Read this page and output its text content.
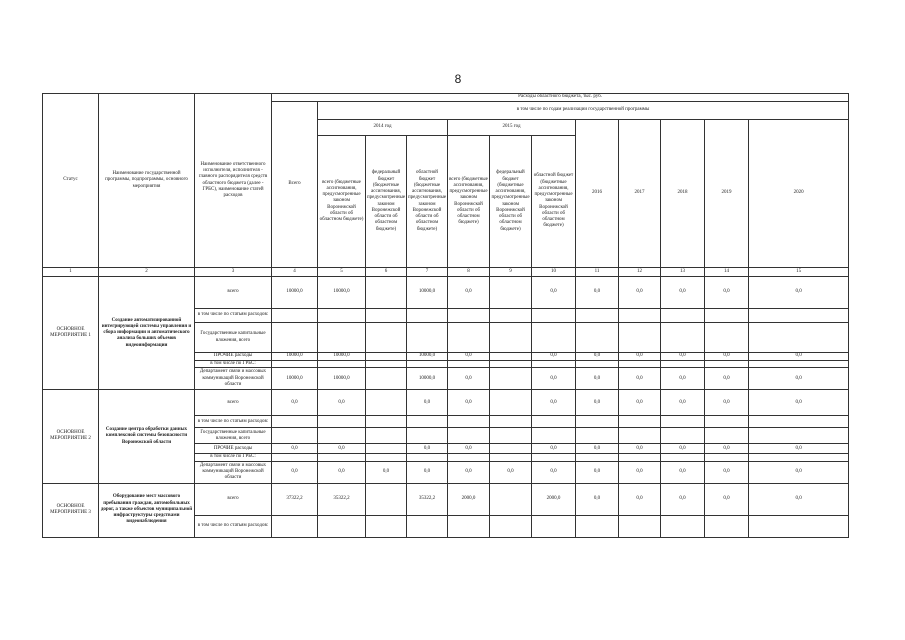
8
Статус	Наименование государственной программы, подпрограммы, основного мероприятия	Наименование ответственного исполнителя, исполнителя - главного распорядителя средств областного бюджета (далее - ГРБС), наименование статей расходов	Расходы областного бюджета, тыс. руб.											
			Всего	в том числе по годам реализации государственной программы										
				2014 год			2015 год			2016	2017	2018	2019	2020
				всего (бюджетные ассигнования, предусмотренные законом Воронежской области об областном бюджете)	федеральный бюджет (бюджетные ассигнования, предусмотренные законом Воронежской области об областном бюджете)	областной бюджет (бюджетные ассигнования, предусмотренные законом Воронежской области об областном бюджете)	всего (бюджетные ассигнования, предусмотренные законом Воронежской области об областном бюджете)	федеральный бюджет (бюджетные ассигнования, предусмотренные законом Воронежской области об областном бюджете)	областной бюджет (бюджетные ассигнования, предусмотренные законом Воронежской области об областном бюджете)					
1	2	3	4	5	6	7	8	9	10	11	12	13	14	15
ОСНОВНОЕ МЕРОПРИЯТИЕ 1	Создание автоматизированной интегрирующей системы управления и сбора информации и автоматического анализа больших объемов видеоинформации	всего	10000,0	10000,0		10000,0	0,0		0,0	0,0	0,0	0,0	0,0	0,0
		в том числе по статьям расходов:												
		Государственные капитальные вложения, всего												
		ПРОЧИЕ расходы	10000,0	10000,0		10000,0	0,0		0,0	0,0	0,0	0,0	0,0	0,0
		в том числе по ГРБС:												
		Департамент связи и массовых коммуникаций Воронежской области	10000,0	10000,0		10000,0	0,0		0,0	0,0	0,0	0,0	0,0	0,0
ОСНОВНОЕ МЕРОПРИЯТИЕ 2	Создание центра обработки данных комплексной системы безопасности Воронежской области	всего	0,0	0,0		0,0	0,0		0,0	0,0	0,0	0,0	0,0	0,0
		в том числе по статьям расходов:												
		Государственные капитальные вложения, всего												
		ПРОЧИЕ расходы	0,0	0,0		0,0	0,0		0,0	0,0	0,0	0,0	0,0	0,0
		в том числе по ГРБС:												
		Департамент связи и массовых коммуникаций Воронежской области	0,0	0,0	0,0	0,0	0,0	0,0	0,0	0,0	0,0	0,0	0,0	0,0
ОСНОВНОЕ МЕРОПРИЯТИЕ 3	Оборудование мест массового пребывания граждан, автомобильных дорог, а также объектов муниципальной инфраструктуры средствами видеонаблюдения	всего	37322,2	35322,2		35322,2	2000,0		2000,0	0,0	0,0	0,0	0,0	0,0
		в том числе по статьям расходов:												
